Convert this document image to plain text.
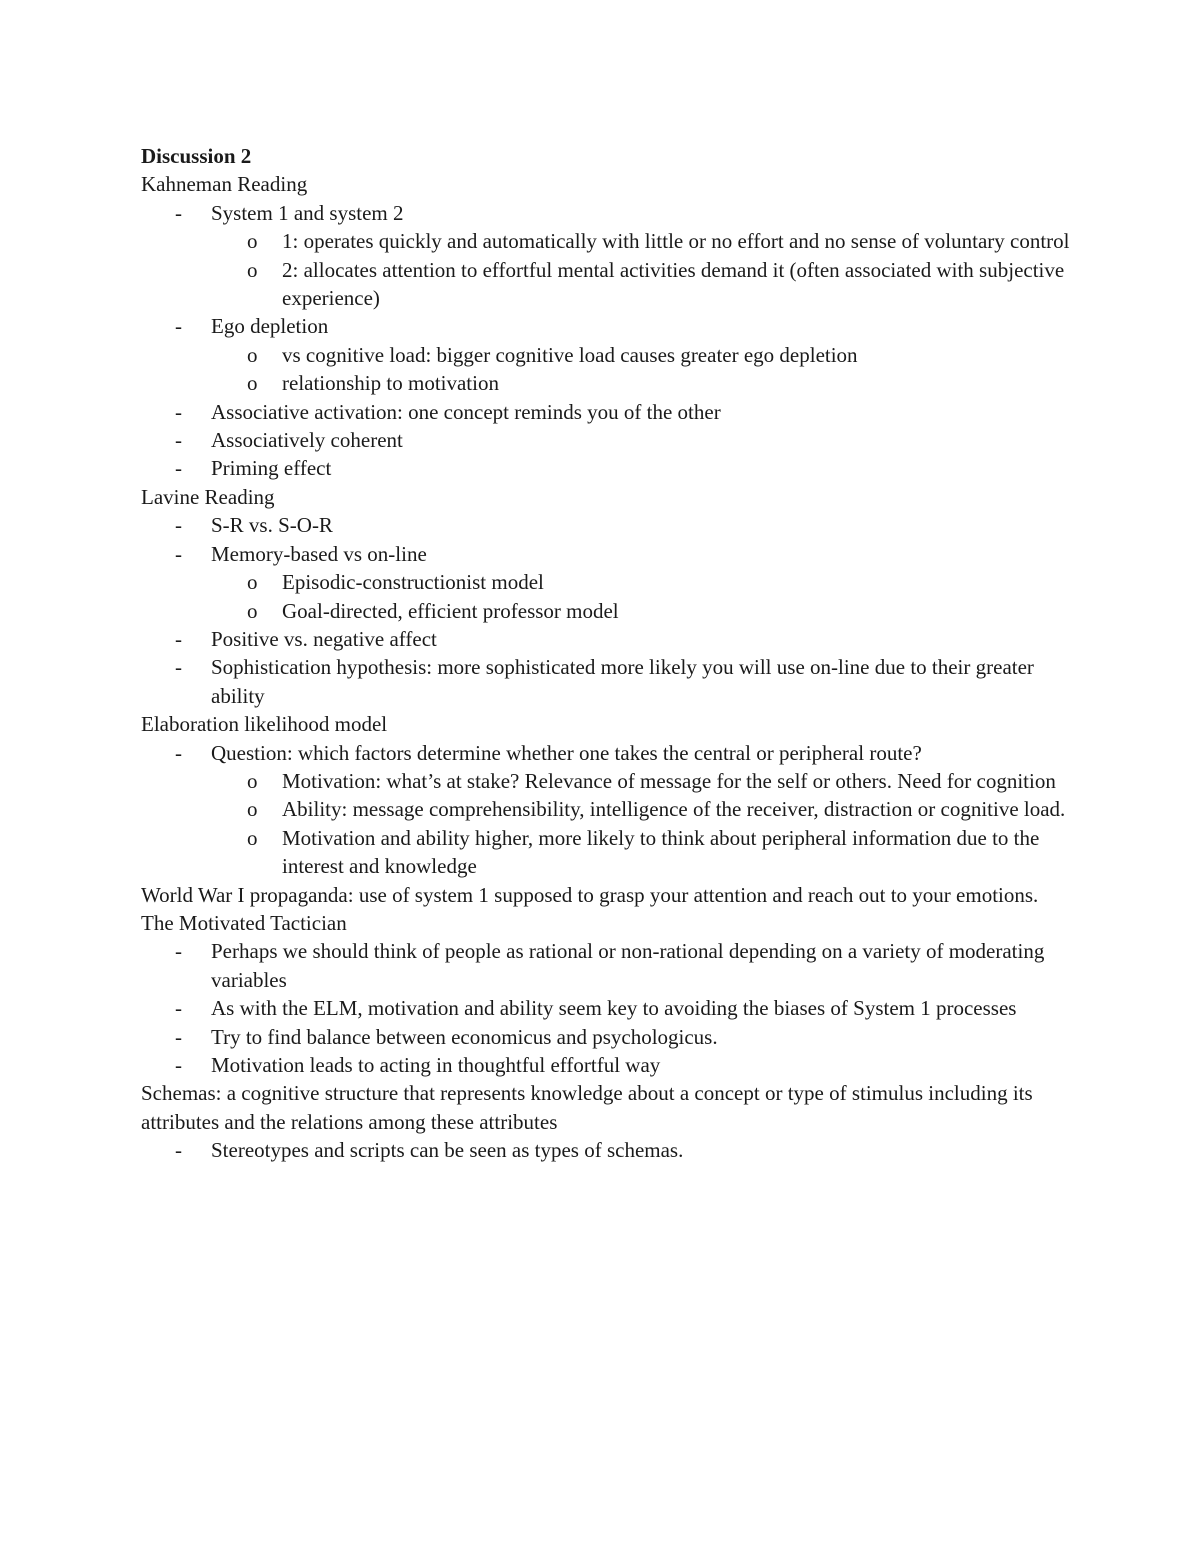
Discussion 2
Kahneman Reading
- System 1 and system 2
o 1: operates quickly and automatically with little or no effort and no sense of voluntary control
o 2: allocates attention to effortful mental activities demand it (often associated with subjective experience)
- Ego depletion
o vs cognitive load: bigger cognitive load causes greater ego depletion
o relationship to motivation
- Associative activation: one concept reminds you of the other
- Associatively coherent
- Priming effect
Lavine Reading
- S-R vs. S-O-R
- Memory-based vs on-line
o Episodic-constructionist model
o Goal-directed, efficient professor model
- Positive vs. negative affect
- Sophistication hypothesis: more sophisticated more likely you will use on-line due to their greater ability
Elaboration likelihood model
- Question: which factors determine whether one takes the central or peripheral route?
o Motivation: what’s at stake? Relevance of message for the self or others. Need for cognition
o Ability: message comprehensibility, intelligence of the receiver, distraction or cognitive load.
o Motivation and ability higher, more likely to think about peripheral information due to the interest and knowledge
World War I propaganda: use of system 1 supposed to grasp your attention and reach out to your emotions.
The Motivated Tactician
- Perhaps we should think of people as rational or non-rational depending on a variety of moderating variables
- As with the ELM, motivation and ability seem key to avoiding the biases of System 1 processes
- Try to find balance between economicus and psychologicus.
- Motivation leads to acting in thoughtful effortful way
Schemas: a cognitive structure that represents knowledge about a concept or type of stimulus including its attributes and the relations among these attributes
- Stereotypes and scripts can be seen as types of schemas.
